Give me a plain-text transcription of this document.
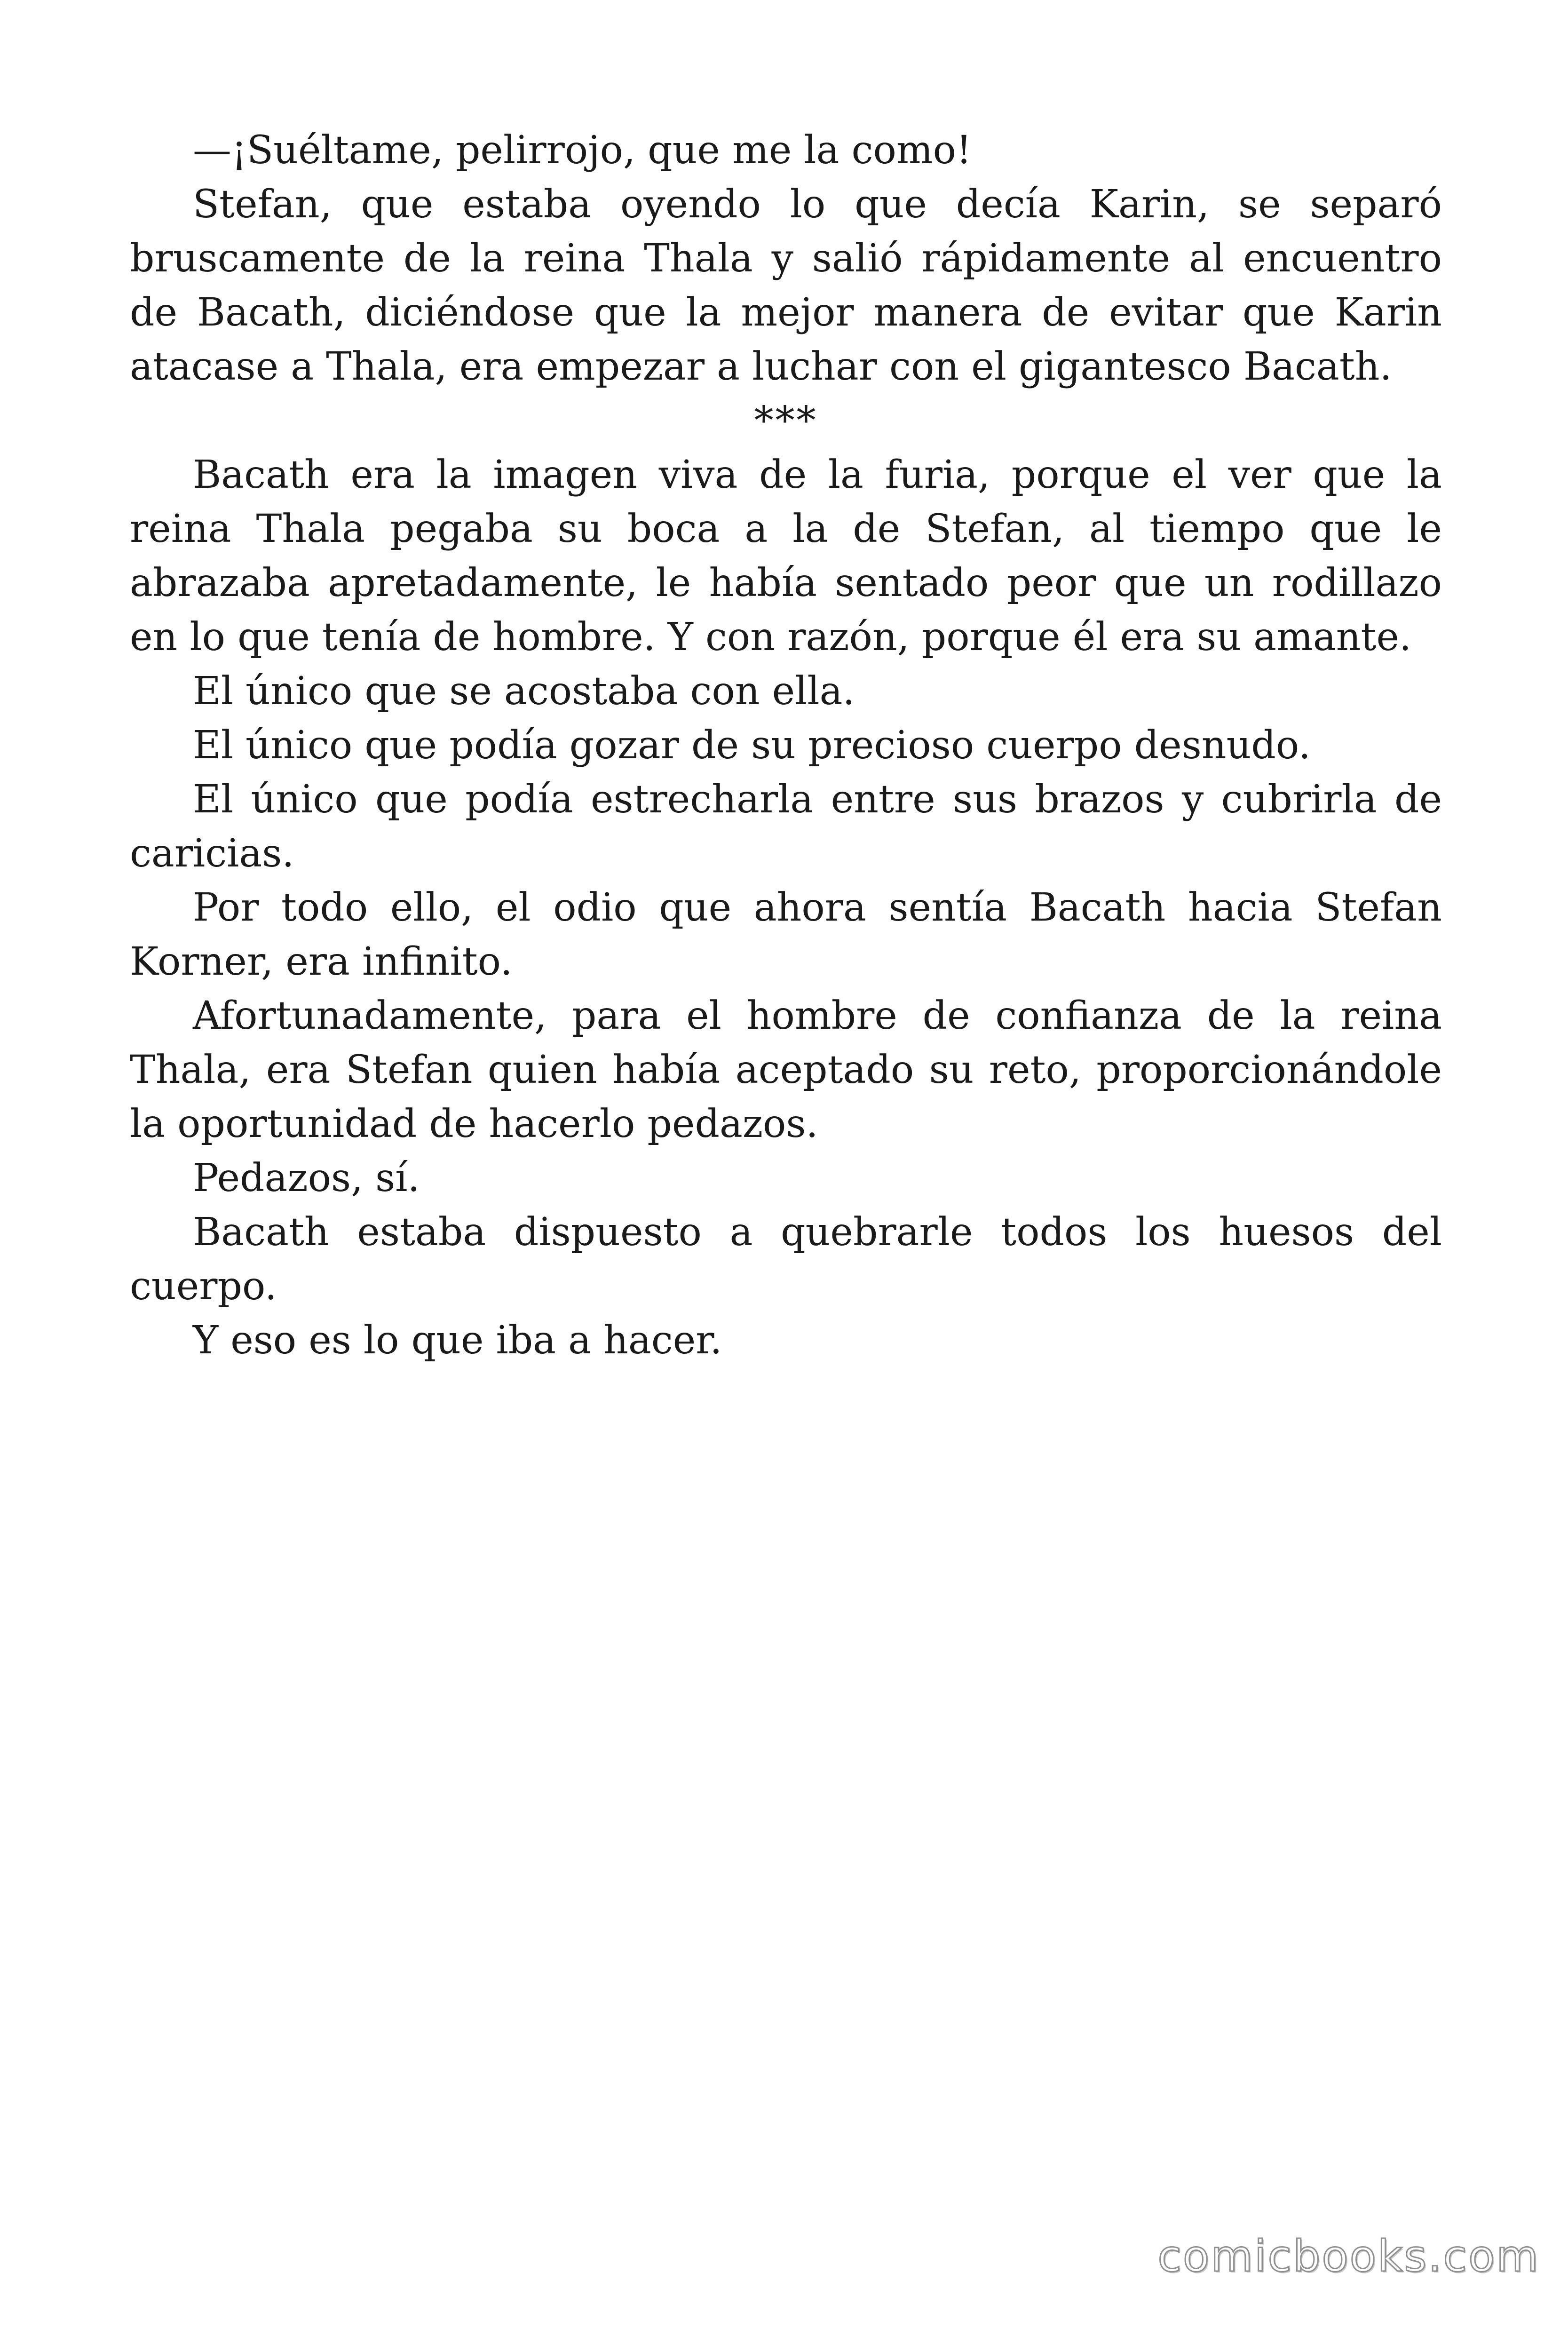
—¡Suéltame, pelirrojo, que me la como!

Stefan, que estaba oyendo lo que decía Karin, se separó bruscamente de la reina Thala y salió rápidamente al encuentro de Bacath, diciéndose que la mejor manera de evitar que Karin atacase a Thala, era empezar a luchar con el gigantesco Bacath.

***

Bacath era la imagen viva de la furia, porque el ver que la reina Thala pegaba su boca a la de Stefan, al tiempo que le abrazaba apretadamente, le había sentado peor que un rodillazo en lo que tenía de hombre. Y con razón, porque él era su amante.

El único que se acostaba con ella.

El único que podía gozar de su precioso cuerpo desnudo.

El único que podía estrecharla entre sus brazos y cubrirla de caricias.

Por todo ello, el odio que ahora sentía Bacath hacia Stefan Korner, era infinito.

Afortunadamente, para el hombre de confianza de la reina Thala, era Stefan quien había aceptado su reto, proporcionándole la oportunidad de hacerlo pedazos.

Pedazos, sí.

Bacath estaba dispuesto a quebrarle todos los huesos del cuerpo.

Y eso es lo que iba a hacer.

comicbooks.com
